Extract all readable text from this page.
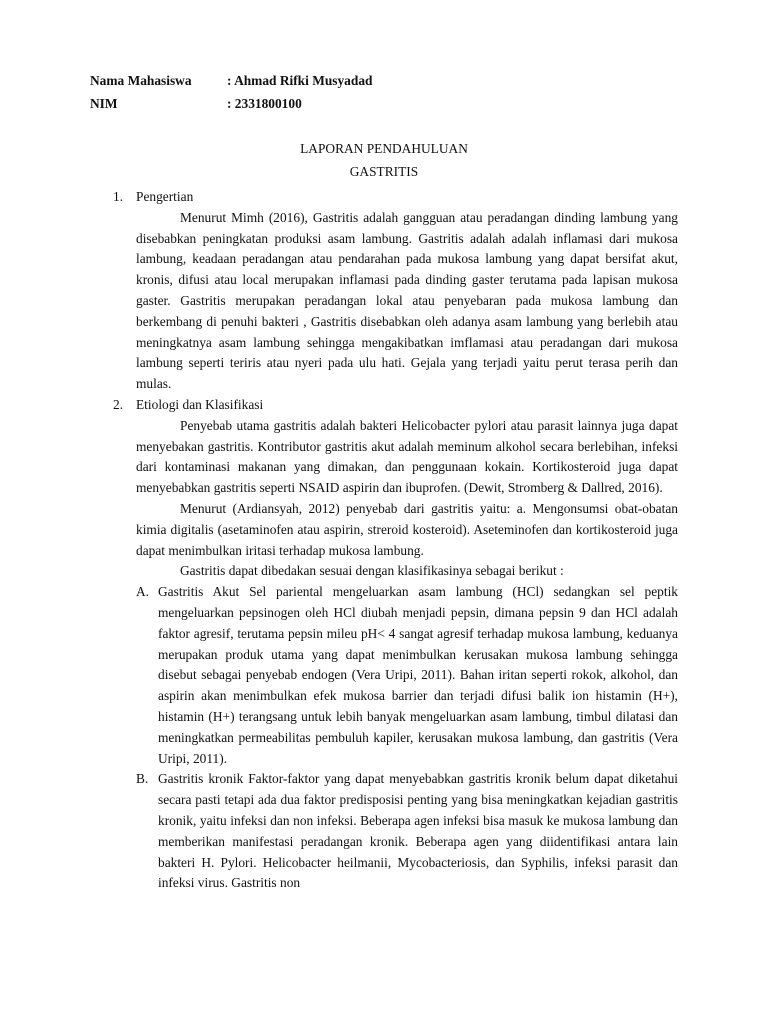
Nama Mahasiswa	: Ahmad Rifki Musyadad
NIM	: 2331800100
LAPORAN PENDAHULUAN
GASTRITIS
1. Pengertian
Menurut Mimh (2016), Gastritis adalah gangguan atau peradangan dinding lambung yang disebabkan peningkatan produksi asam lambung. Gastritis adalah adalah inflamasi dari mukosa lambung, keadaan peradangan atau pendarahan pada mukosa lambung yang dapat bersifat akut, kronis, difusi atau local merupakan inflamasi pada dinding gaster terutama pada lapisan mukosa gaster. Gastritis merupakan peradangan lokal atau penyebaran pada mukosa lambung dan berkembang di penuhi bakteri , Gastritis disebabkan oleh adanya asam lambung yang berlebih atau meningkatnya asam lambung sehingga mengakibatkan imflamasi atau peradangan dari mukosa lambung seperti teriris atau nyeri pada ulu hati. Gejala yang terjadi yaitu perut terasa perih dan mulas.
2. Etiologi dan Klasifikasi
Penyebab utama gastritis adalah bakteri Helicobacter pylori atau parasit lainnya juga dapat menyebakan gastritis. Kontributor gastritis akut adalah meminum alkohol secara berlebihan, infeksi dari kontaminasi makanan yang dimakan, dan penggunaan kokain. Kortikosteroid juga dapat menyebabkan gastritis seperti NSAID aspirin dan ibuprofen. (Dewit, Stromberg & Dallred, 2016).
Menurut (Ardiansyah, 2012) penyebab dari gastritis yaitu: a. Mengonsumsi obat-obatan kimia digitalis (asetaminofen atau aspirin, streroid kosteroid). Aseteminofen dan kortikosteroid juga dapat menimbulkan iritasi terhadap mukosa lambung.
Gastritis dapat dibedakan sesuai dengan klasifikasinya sebagai berikut :
A. Gastritis Akut Sel pariental mengeluarkan asam lambung (HCl) sedangkan sel peptik mengeluarkan pepsinogen oleh HCl diubah menjadi pepsin, dimana pepsin 9 dan HCl adalah faktor agresif, terutama pepsin mileu pH< 4 sangat agresif terhadap mukosa lambung, keduanya merupakan produk utama yang dapat menimbulkan kerusakan mukosa lambung sehingga disebut sebagai penyebab endogen (Vera Uripi, 2011). Bahan iritan seperti rokok, alkohol, dan aspirin akan menimbulkan efek mukosa barrier dan terjadi difusi balik ion histamin (H+), histamin (H+) terangsang untuk lebih banyak mengeluarkan asam lambung, timbul dilatasi dan meningkatkan permeabilitas pembuluh kapiler, kerusakan mukosa lambung, dan gastritis (Vera Uripi, 2011).
B. Gastritis kronik Faktor-faktor yang dapat menyebabkan gastritis kronik belum dapat diketahui secara pasti tetapi ada dua faktor predisposisi penting yang bisa meningkatkan kejadian gastritis kronik, yaitu infeksi dan non infeksi. Beberapa agen infeksi bisa masuk ke mukosa lambung dan memberikan manifestasi peradangan kronik. Beberapa agen yang diidentifikasi antara lain bakteri H. Pylori. Helicobacter heilmanii, Mycobacteriosis, dan Syphilis, infeksi parasit dan infeksi virus. Gastritis non
